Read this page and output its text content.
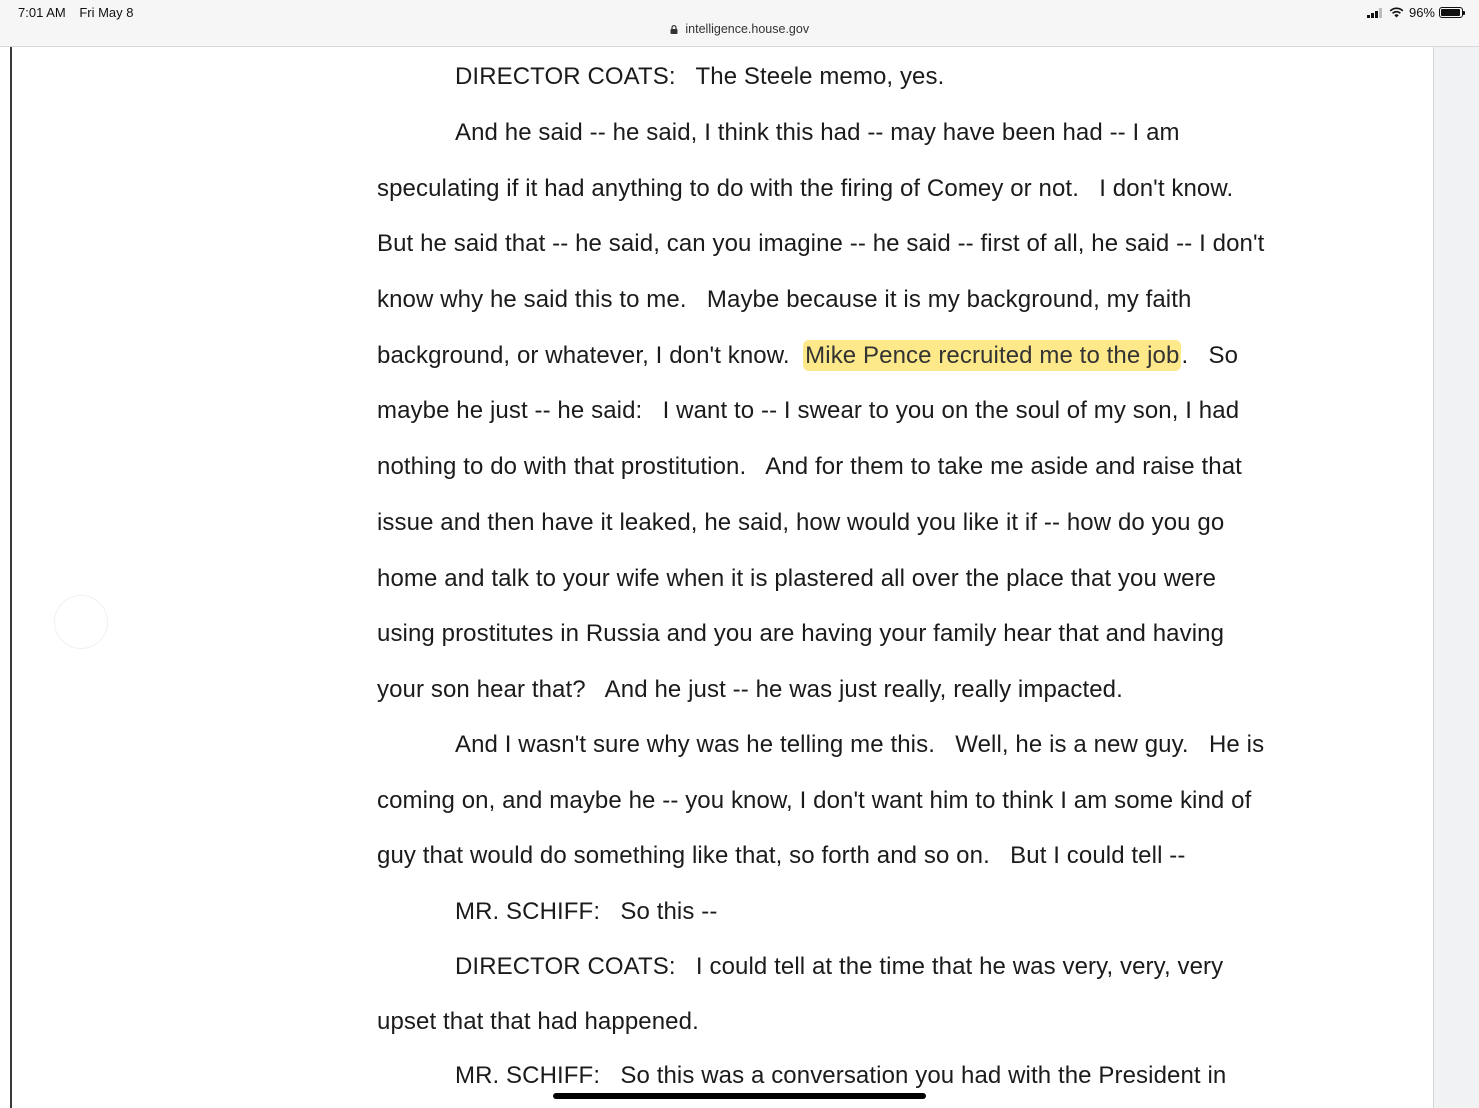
7:01 AM Fri May 8
intelligence.house.gov
96%
DIRECTOR COATS:   The Steele memo, yes.
And he said -- he said, I think this had -- may have been had -- I am
speculating if it had anything to do with the firing of Comey or not.   I don't know.
But he said that -- he said, can you imagine -- he said -- first of all, he said -- I don't
know why he said this to me.   Maybe because it is my background, my faith
background, or whatever, I don't know.  Mike Pence recruited me to the job.   So
maybe he just -- he said:   I want to -- I swear to you on the soul of my son, I had
nothing to do with that prostitution.   And for them to take me aside and raise that
issue and then have it leaked, he said, how would you like it if -- how do you go
home and talk to your wife when it is plastered all over the place that you were
using prostitutes in Russia and you are having your family hear that and having
your son hear that?   And he just -- he was just really, really impacted.
And I wasn't sure why was he telling me this.   Well, he is a new guy.   He is
coming on, and maybe he -- you know, I don't want him to think I am some kind of
guy that would do something like that, so forth and so on.   But I could tell --
MR. SCHIFF:   So this --
DIRECTOR COATS:   I could tell at the time that he was very, very, very
upset that that had happened.
MR. SCHIFF:   So this was a conversation you had with the President in
